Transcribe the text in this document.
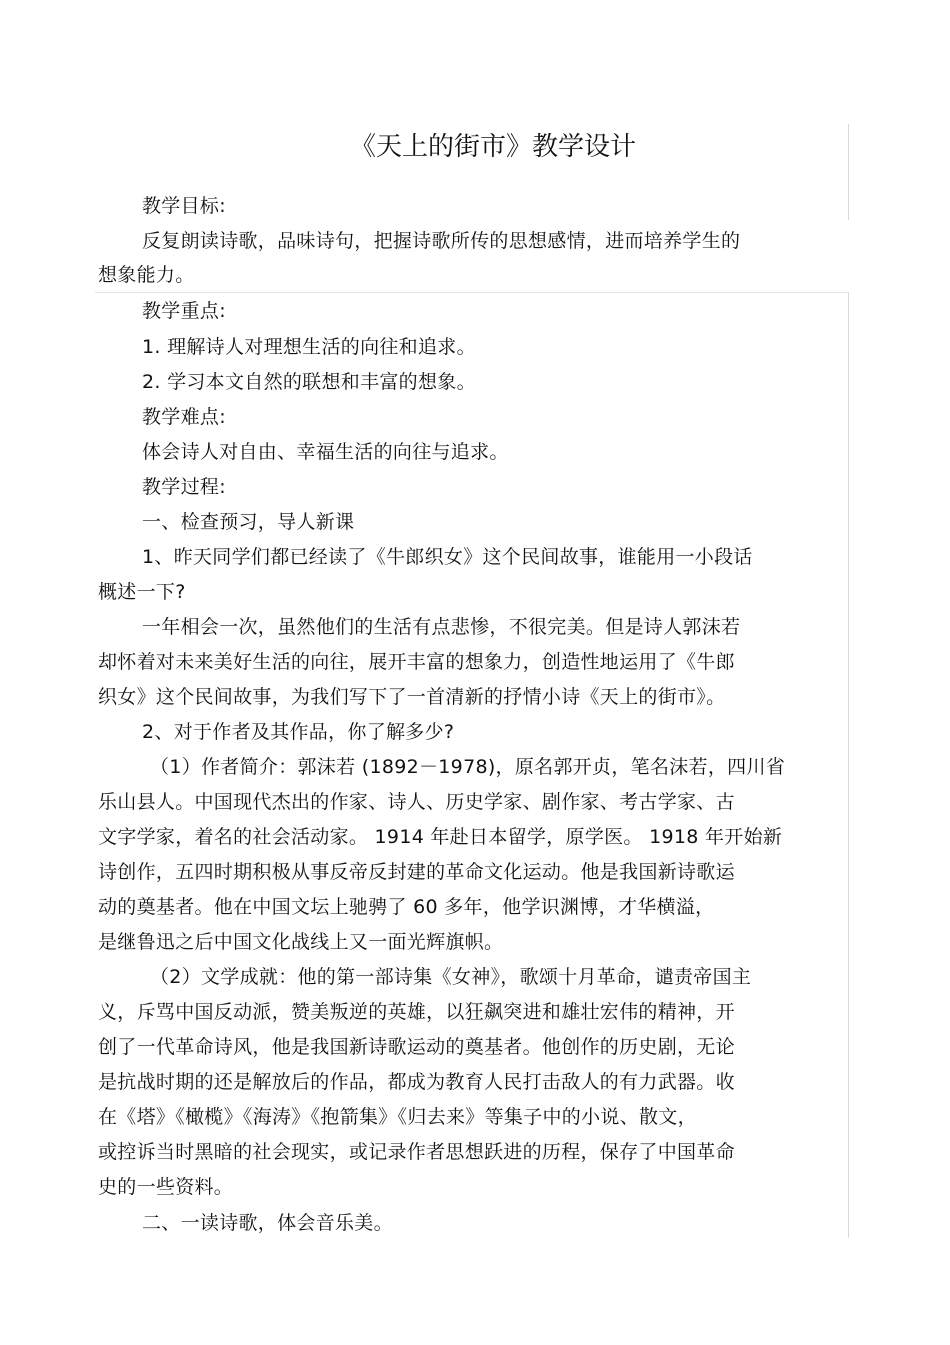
《天上的街市》教学设计
教学目标:
反复朗读诗歌，品味诗句，把握诗歌所传的思想感情，进而培养学生的
想象能力。
教学重点:
1. 理解诗人对理想生活的向往和追求。
2. 学习本文自然的联想和丰富的想象。
教学难点:
体会诗人对自由、幸福生活的向往与追求。
教学过程:
一、检查预习，导人新课
1、昨天同学们都已经读了《牛郎织女》这个民间故事，谁能用一小段话
概述一下?
一年相会一次，虽然他们的生活有点悲惨，不很完美。但是诗人郭沫若
却怀着对未来美好生活的向往，展开丰富的想象力，创造性地运用了《牛郎
织女》这个民间故事，为我们写下了一首清新的抒情小诗《天上的街市》。
2、对于作者及其作品，你了解多少?
（1）作者简介：郭沫若 (1892－1978)，原名郭开贞，笔名沫若，四川省
乐山县人。中国现代杰出的作家、诗人、历史学家、剧作家、考古学家、古
文字学家，着名的社会活动家。 1914 年赴日本留学，原学医。 1918 年开始新
诗创作，五四时期积极从事反帝反封建的革命文化运动。他是我国新诗歌运
动的奠基者。他在中国文坛上驰骋了 60 多年，他学识渊博，才华横溢，
是继鲁迅之后中国文化战线上又一面光辉旗帜。
（2）文学成就：他的第一部诗集《女神》，歌颂十月革命，谴责帝国主
义，斥骂中国反动派，赞美叛逆的英雄，以狂飙突进和雄壮宏伟的精神，开
创了一代革命诗风，他是我国新诗歌运动的奠基者。他创作的历史剧，无论
是抗战时期的还是解放后的作品，都成为教育人民打击敌人的有力武器。收
在《塔》《橄榄》《海涛》《抱箭集》《归去来》等集子中的小说、散文，
或控诉当时黑暗的社会现实，或记录作者思想跃进的历程，保存了中国革命
史的一些资料。
二、一读诗歌，体会音乐美。
